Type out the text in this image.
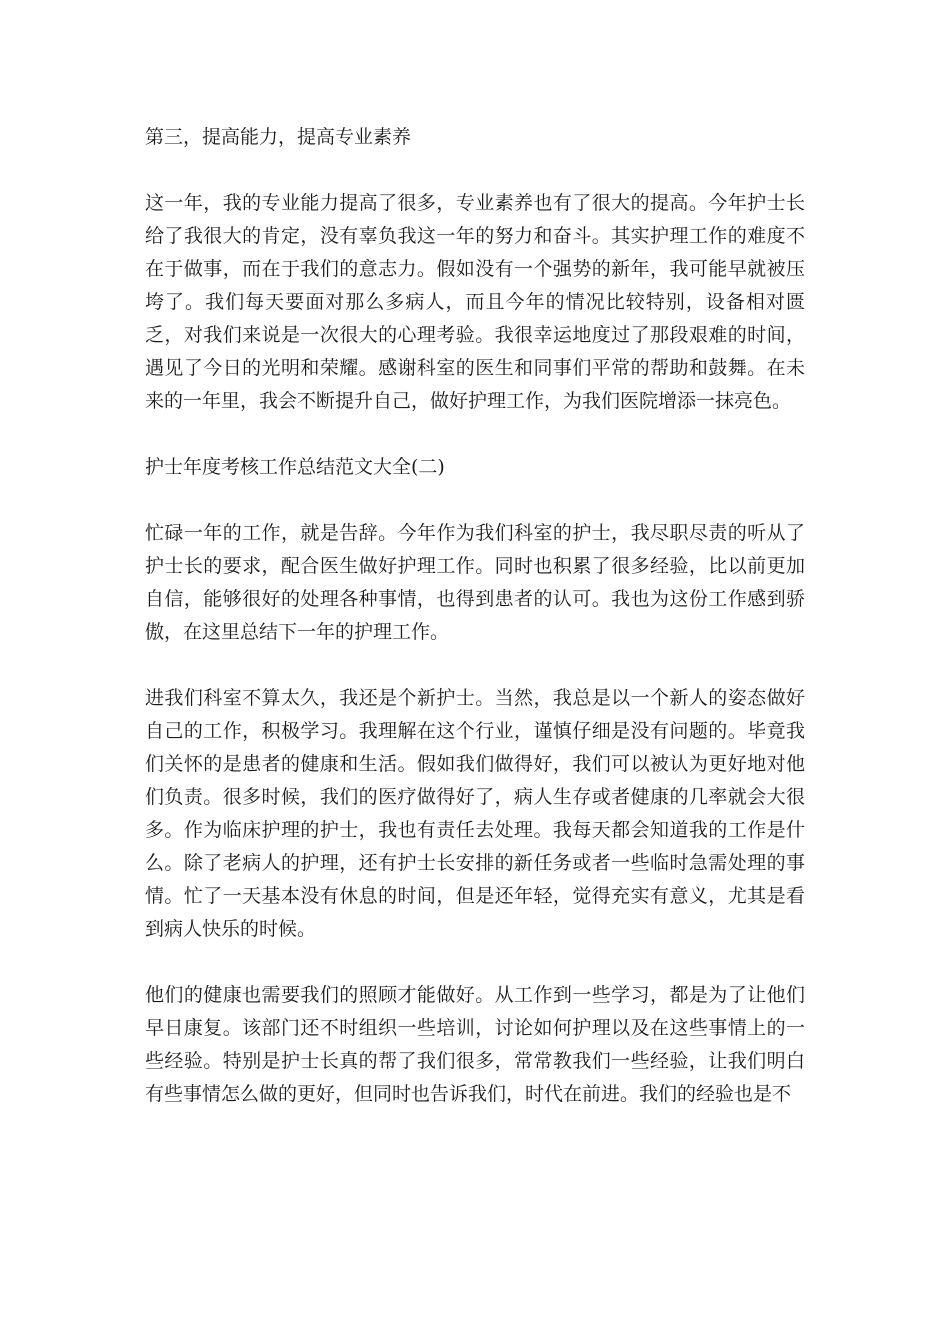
第三，提高能力，提高专业素养

这一年，我的专业能力提高了很多，专业素养也有了很大的提高。今年护士长给了我很大的肯定，没有辜负我这一年的努力和奋斗。其实护理工作的难度不在于做事，而在于我们的意志力。假如没有一个强势的新年，我可能早就被压垮了。我们每天要面对那么多病人，而且今年的情况比较特别，设备相对匮乏，对我们来说是一次很大的心理考验。我很幸运地度过了那段艰难的时间，遇见了今日的光明和荣耀。感谢科室的医生和同事们平常的帮助和鼓舞。在未来的一年里，我会不断提升自己，做好护理工作，为我们医院增添一抹亮色。

护士年度考核工作总结范文大全(二)

忙碌一年的工作，就是告辞。今年作为我们科室的护士，我尽职尽责的听从了护士长的要求，配合医生做好护理工作。同时也积累了很多经验，比以前更加自信，能够很好的处理各种事情，也得到患者的认可。我也为这份工作感到骄傲，在这里总结下一年的护理工作。

进我们科室不算太久，我还是个新护士。当然，我总是以一个新人的姿态做好自己的工作，积极学习。我理解在这个行业，谨慎仔细是没有问题的。毕竟我们关怀的是患者的健康和生活。假如我们做得好，我们可以被认为更好地对他们负责。很多时候，我们的医疗做得好了，病人生存或者健康的几率就会大很多。作为临床护理的护士，我也有责任去处理。我每天都会知道我的工作是什么。除了老病人的护理，还有护士长安排的新任务或者一些临时急需处理的事情。忙了一天基本没有休息的时间，但是还年轻，觉得充实有意义，尤其是看到病人快乐的时候。

他们的健康也需要我们的照顾才能做好。从工作到一些学习，都是为了让他们早日康复。该部门还不时组织一些培训，讨论如何护理以及在这些事情上的一些经验。特别是护士长真的帮了我们很多，常常教我们一些经验，让我们明白有些事情怎么做的更好，但同时也告诉我们，时代在前进。我们的经验也是不
